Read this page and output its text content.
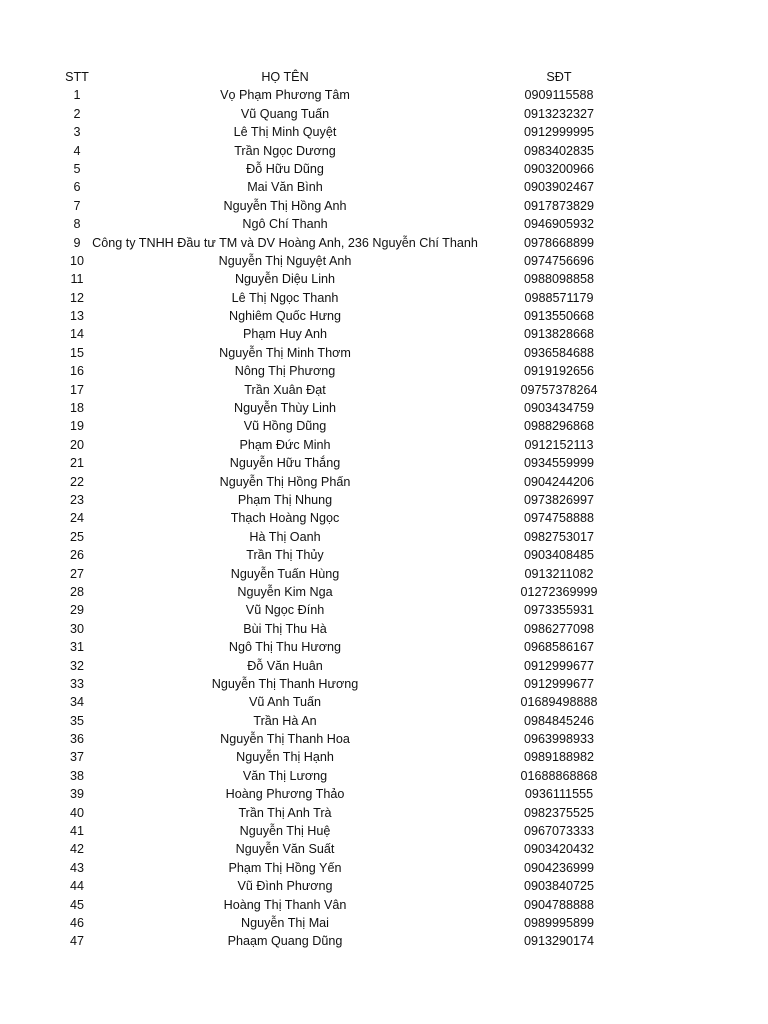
STT	HỌ TÊN	SĐT
1	Vọ Phạm Phương Tâm	0909115588
2	Vũ Quang Tuấn	0913232327
3	Lê Thị Minh Quyệt	0912999995
4	Trần Ngọc Dương	0983402835
5	Đỗ Hữu Dũng	0903200966
6	Mai Văn Bình	0903902467
7	Nguyễn Thị Hồng Anh	0917873829
8	Ngô Chí Thanh	0946905932
9 Công ty TNHH Đầu tư TM và DV Hoàng Anh, 236 Nguyễn Chí Thanh	0978668899
10	Nguyễn Thị Nguyệt Anh	0974756696
11	Nguyễn Diệu Linh	0988098858
12	Lê Thị Ngọc Thanh	0988571179
13	Nghiêm Quốc Hưng	0913550668
14	Phạm Huy Anh	0913828668
15	Nguyễn Thị Minh Thơm	0936584688
16	Nông Thị Phương	0919192656
17	Trần Xuân Đạt	09757378264
18	Nguyễn Thùy Linh	0903434759
19	Vũ Hồng Dũng	0988296868
20	Phạm Đức Minh	0912152113
21	Nguyễn Hữu Thắng	0934559999
22	Nguyễn Thị Hồng Phấn	0904244206
23	Phạm Thị Nhung	0973826997
24	Thạch Hoàng Ngọc	0974758888
25	Hà Thị Oanh	0982753017
26	Trần Thị Thủy	0903408485
27	Nguyễn Tuấn Hùng	0913211082
28	Nguyễn Kim Nga	01272369999
29	Vũ Ngọc Đính	0973355931
30	Bùi Thị Thu Hà	0986277098
31	Ngô Thị Thu Hương	0968586167
32	Đỗ Văn Huân	0912999677
33	Nguyễn Thị Thanh Hương	0912999677
34	Vũ Anh Tuấn	01689498888
35	Trần Hà An	0984845246
36	Nguyễn Thị Thanh Hoa	0963998933
37	Nguyễn Thị Hạnh	0989188982
38	Văn Thị Lương	01688868868
39	Hoàng Phương Thảo	0936111555
40	Trần Thị Anh Trà	0982375525
41	Nguyễn Thị Huệ	0967073333
42	Nguyễn Văn Suất	0903420432
43	Phạm Thị Hồng Yến	0904236999
44	Vũ Đình Phương	0903840725
45	Hoàng Thị Thanh Vân	0904788888
46	Nguyễn Thị Mai	0989995899
47	Phaạm Quang Dũng	0913290174
